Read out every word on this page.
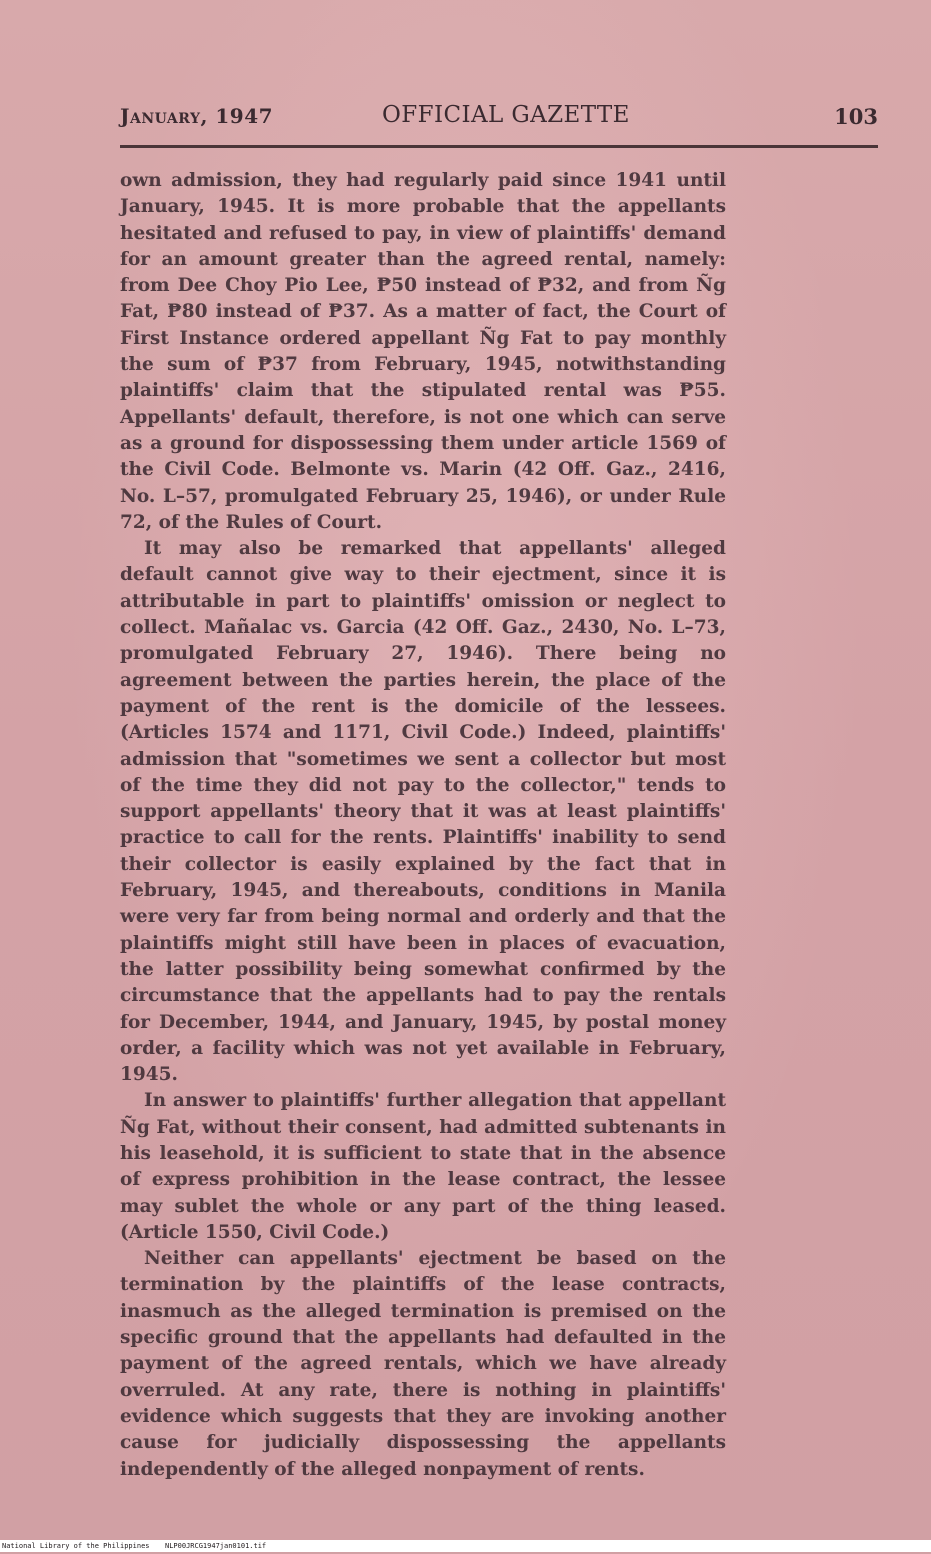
January, 1947	OFFICIAL GAZETTE	103

own admission, they had regularly paid since 1941 until January, 1945. It is more probable that the appellants hesitated and refused to pay, in view of plaintiffs' demand for an amount greater than the agreed rental, namely: from Dee Choy Pio Lee, ₱50 instead of ₱32, and from Ñg Fat, ₱80 instead of ₱37. As a matter of fact, the Court of First Instance ordered appellant Ñg Fat to pay monthly the sum of ₱37 from February, 1945, notwithstanding plaintiffs' claim that the stipulated rental was ₱55. Appellants' default, therefore, is not one which can serve as a ground for dispossessing them under article 1569 of the Civil Code. Belmonte vs. Marin (42 Off. Gaz., 2416, No. L–57, promulgated February 25, 1946), or under Rule 72, of the Rules of Court.

It may also be remarked that appellants' alleged default cannot give way to their ejectment, since it is attributable in part to plaintiffs' omission or neglect to collect. Mañalac vs. Garcia (42 Off. Gaz., 2430, No. L–73, promulgated February 27, 1946). There being no agreement between the parties herein, the place of the payment of the rent is the domicile of the lessees. (Articles 1574 and 1171, Civil Code.) Indeed, plaintiffs' admission that "sometimes we sent a collector but most of the time they did not pay to the collector," tends to support appellants' theory that it was at least plaintiffs' practice to call for the rents. Plaintiffs' inability to send their collector is easily explained by the fact that in February, 1945, and thereabouts, conditions in Manila were very far from being normal and orderly and that the plaintiffs might still have been in places of evacuation, the latter possibility being somewhat confirmed by the circumstance that the appellants had to pay the rentals for December, 1944, and January, 1945, by postal money order, a facility which was not yet available in February, 1945.

In answer to plaintiffs' further allegation that appellant Ñg Fat, without their consent, had admitted subtenants in his leasehold, it is sufficient to state that in the absence of express prohibition in the lease contract, the lessee may sublet the whole or any part of the thing leased. (Article 1550, Civil Code.)

Neither can appellants' ejectment be based on the termination by the plaintiffs of the lease contracts, inasmuch as the alleged termination is premised on the specific ground that the appellants had defaulted in the payment of the agreed rentals, which we have already overruled. At any rate, there is nothing in plaintiffs' evidence which suggests that they are invoking another cause for judicially dispossessing the appellants independently of the alleged nonpayment of rents.

National Library of the Philippines NLP00JRCG1947jan0101.tif
